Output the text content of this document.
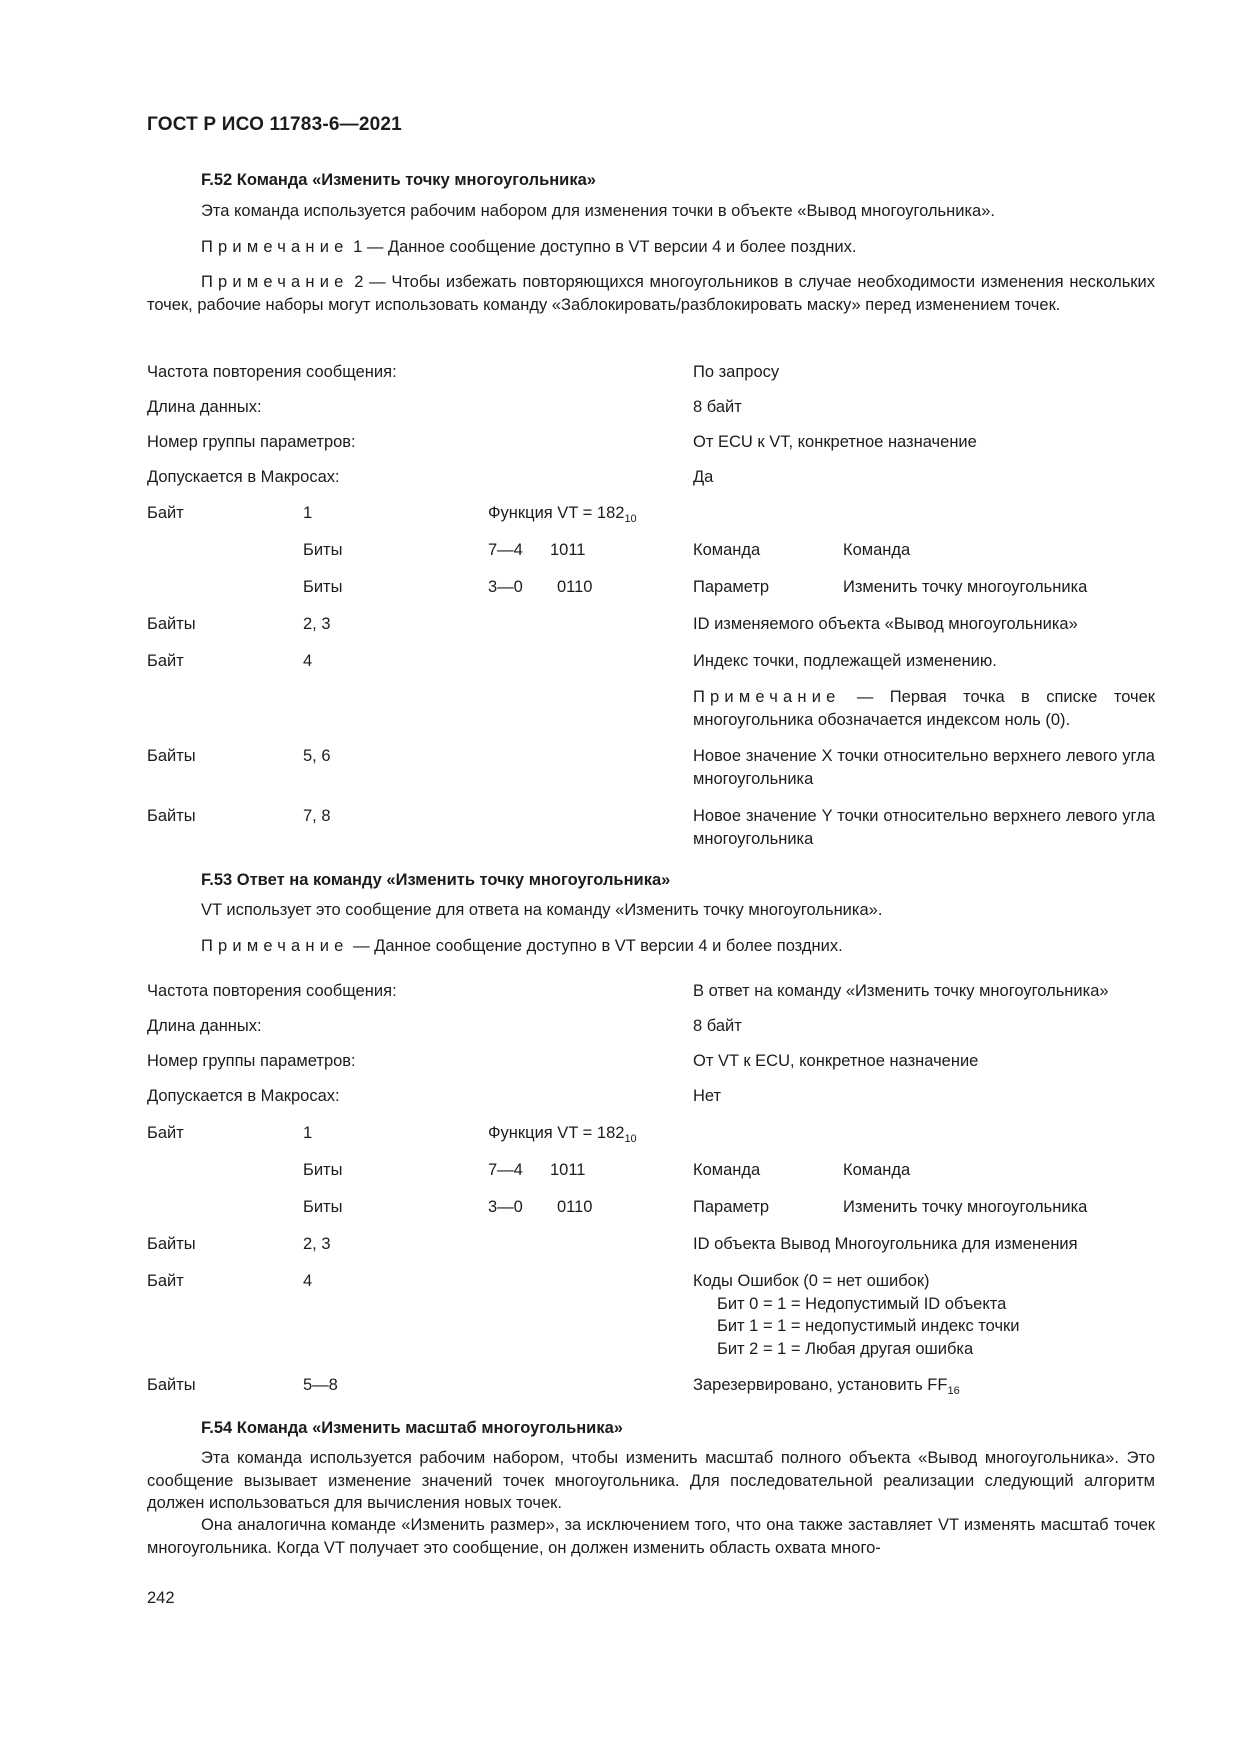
ГОСТ Р ИСО 11783-6—2021
F.52 Команда «Изменить точку многоугольника»

Эта команда используется рабочим набором для изменения точки в объекте «Вывод многоугольника».

Примечание 1 — Данное сообщение доступно в VT версии 4 и более поздних.

Примечание 2 — Чтобы избежать повторяющихся многоугольников в случае необходимости изменения нескольких точек, рабочие наборы могут использовать команду «Заблокировать/разблокировать маску» перед изменением точек.

Частота повторения сообщения:	По запросу
Длина данных:	8 байт
Номер группы параметров:	От ECU к VT, конкретное назначение
Допускается в Макросах:	Да
Байт	1	Функция VT = $182_{10}$
Биты	7—4 1011	Команда	Команда
Биты	3—0 0110	Параметр	Изменить точку многоугольника
Байты	2, 3	ID изменяемого объекта «Вывод многоугольника»
Байт	4	Индекс точки, подлежащей изменению.
Примечание — Первая точка в списке точек многоугольника обозначается индексом ноль (0).
Байты	5, 6	Новое значение X точки относительно верхнего левого угла многоугольника
Байты	7, 8	Новое значение Y точки относительно верхнего левого угла многоугольника
F.53 Ответ на команду «Изменить точку многоугольника»

VT использует это сообщение для ответа на команду «Изменить точку многоугольника».

Примечание — Данное сообщение доступно в VT версии 4 и более поздних.

Частота повторения сообщения:	В ответ на команду «Изменить точку многоугольника»
Длина данных:	8 байт
Номер группы параметров:	От VT к ECU, конкретное назначение
Допускается в Макросах:	Нет
Байт	1	Функция VT = $182_{10}$
Биты	7—4 1011	Команда	Команда
Биты	3—0 0110	Параметр	Изменить точку многоугольника
Байты	2, 3	ID объекта Вывод Многоугольника для изменения
Байт	4	Коды Ошибок (0 = нет ошибок)
Бит 0 = 1 = Недопустимый ID объекта
Бит 1 = 1 = недопустимый индекс точки
Бит 2 = 1 = Любая другая ошибка
Байты	5—8	Зарезервировано, установить $FF_{16}$
F.54 Команда «Изменить масштаб многоугольника»

Эта команда используется рабочим набором, чтобы изменить масштаб полного объекта «Вывод многоугольника». Это сообщение вызывает изменение значений точек многоугольника. Для последовательной реализации следующий алгоритм должен использоваться для вычисления новых точек.

Она аналогична команде «Изменить размер», за исключением того, что она также заставляет VT изменять масштаб точек многоугольника. Когда VT получает это сообщение, он должен изменить область охвата много-

242
